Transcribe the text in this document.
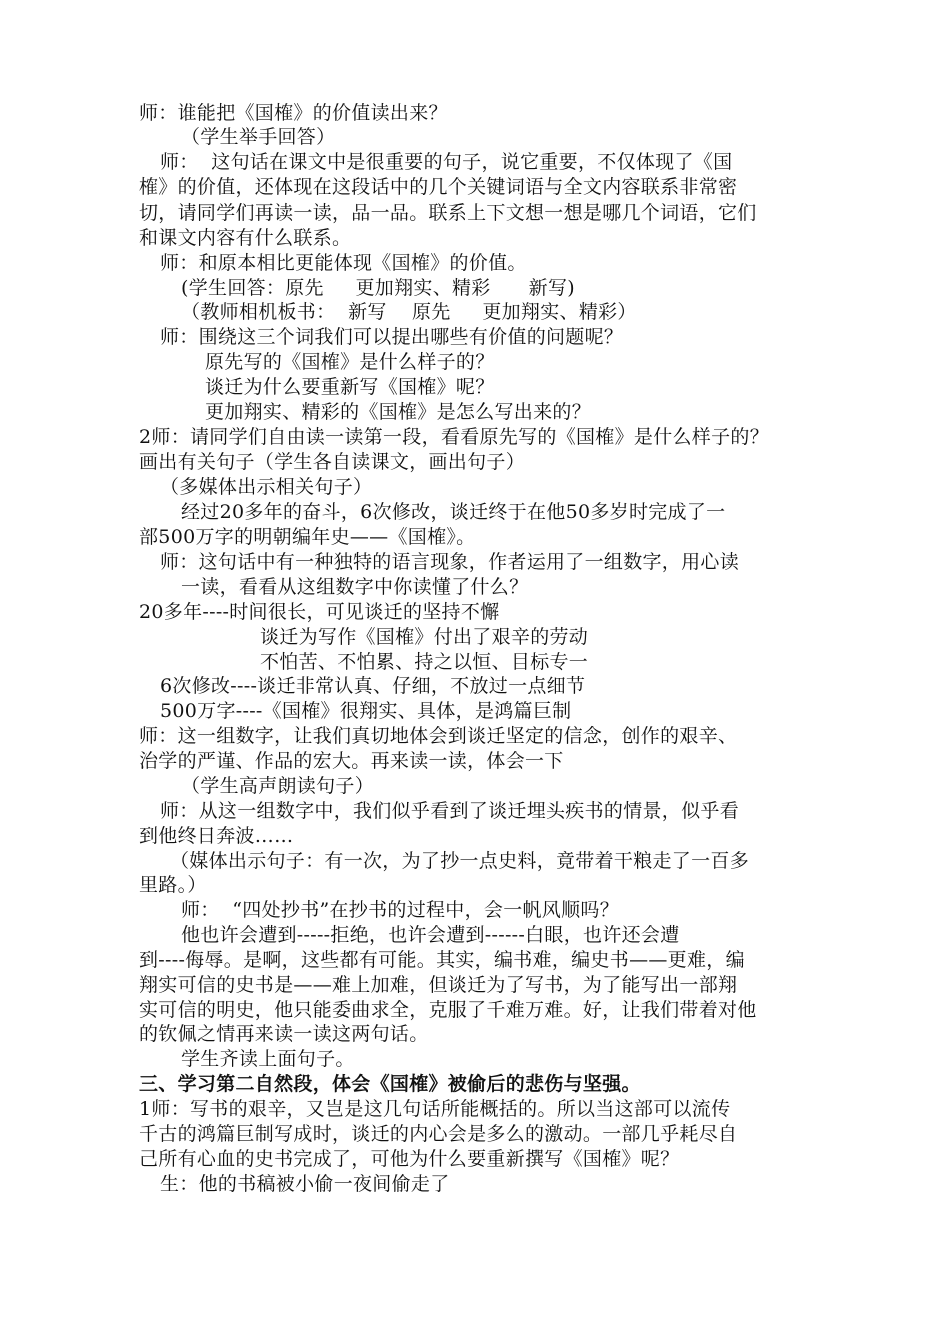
师：谁能把《国榷》的价值读出来？
（学生举手回答）
师：  这句话在课文中是很重要的句子，说它重要，不仅体现了《国
榷》的价值，还体现在这段话中的几个关键词语与全文内容联系非常密
切，请同学们再读一读，品一品。联系上下文想一想是哪几个词语，它们
和课文内容有什么联系。
师：和原本相比更能体现《国榷》的价值。
(学生回答：原先     更加翔实、精彩      新写)
（教师相机板书：  新写    原先     更加翔实、精彩）
师：围绕这三个词我们可以提出哪些有价值的问题呢？
原先写的《国榷》是什么样子的？
谈迁为什么要重新写《国榷》呢？
更加翔实、精彩的《国榷》是怎么写出来的？
2师：请同学们自由读一读第一段，看看原先写的《国榷》是什么样子的？
画出有关句子（学生各自读课文，画出句子）
（多媒体出示相关句子）
经过20多年的奋斗，6次修改，谈迁终于在他50多岁时完成了一
部500万字的明朝编年史——《国榷》。
师：这句话中有一种独特的语言现象，作者运用了一组数字，用心读
一读，看看从这组数字中你读懂了什么？
20多年----时间很长，可见谈迁的坚持不懈
谈迁为写作《国榷》付出了艰辛的劳动
不怕苦、不怕累、持之以恒、目标专一
6次修改----谈迁非常认真、仔细，不放过一点细节
500万字----《国榷》很翔实、具体，是鸿篇巨制
师：这一组数字，让我们真切地体会到谈迁坚定的信念，创作的艰辛、
治学的严谨、作品的宏大。再来读一读，体会一下
（学生高声朗读句子）
师：从这一组数字中，我们似乎看到了谈迁埋头疾书的情景，似乎看
到他终日奔波……
（媒体出示句子：有一次，为了抄一点史料，竟带着干粮走了一百多
里路。）
师：  “四处抄书”在抄书的过程中，会一帆风顺吗？
他也许会遭到-----拒绝，也许会遭到------白眼，也许还会遭
到----侮辱。是啊，这些都有可能。其实，编书难，编史书——更难，编
翔实可信的史书是——难上加难，但谈迁为了写书，为了能写出一部翔
实可信的明史，他只能委曲求全，克服了千难万难。好，让我们带着对他
的钦佩之情再来读一读这两句话。
学生齐读上面句子。
三、学习第二自然段，体会《国榷》被偷后的悲伤与坚强。
1师：写书的艰辛，又岂是这几句话所能概括的。所以当这部可以流传
千古的鸿篇巨制写成时，谈迁的内心会是多么的激动。一部几乎耗尽自
己所有心血的史书完成了，可他为什么要重新撰写《国榷》呢？
生：他的书稿被小偷一夜间偷走了
